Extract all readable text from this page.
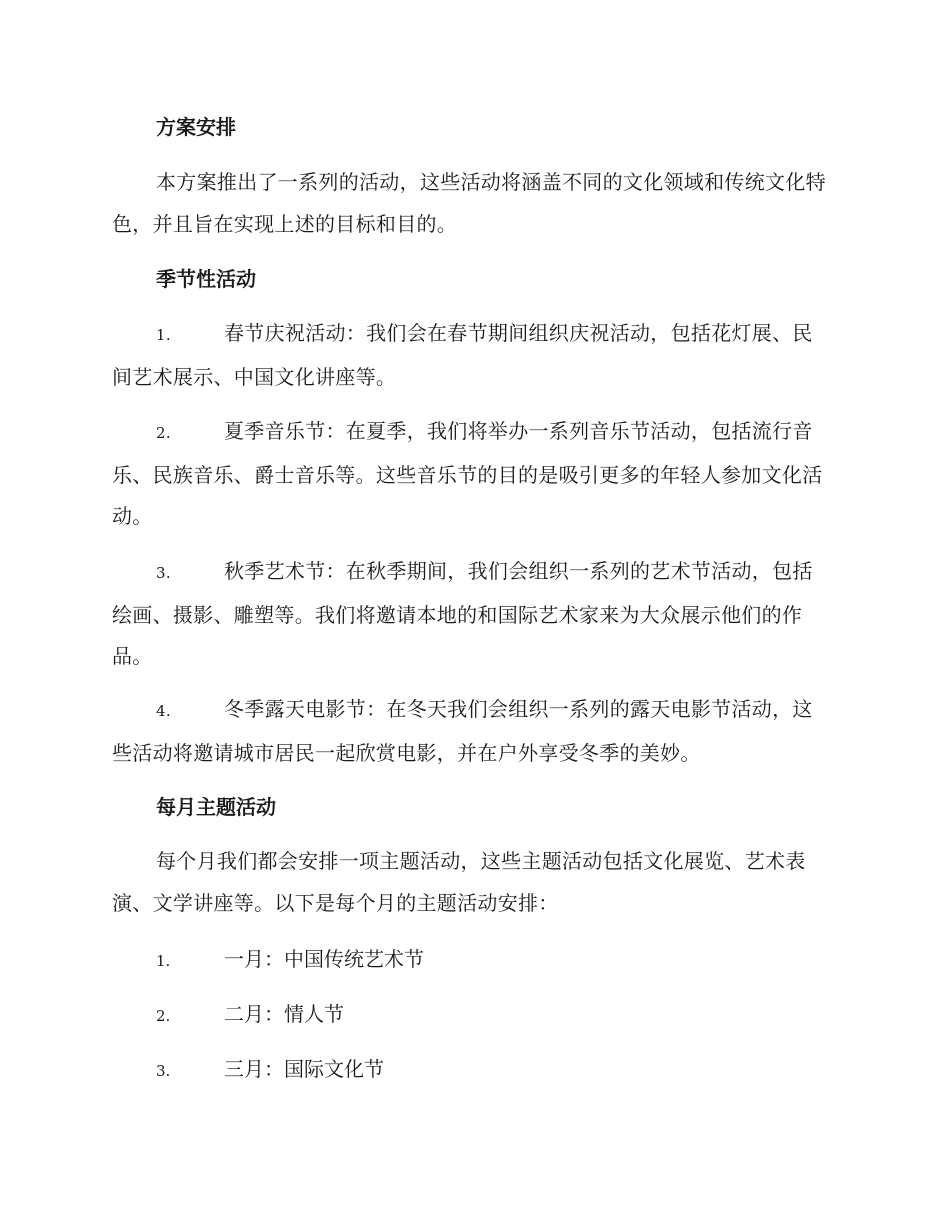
方案安排

本方案推出了一系列的活动，这些活动将涵盖不同的文化领域和传统文化特色，并且旨在实现上述的目标和目的。

季节性活动

1.	春节庆祝活动：我们会在春节期间组织庆祝活动，包括花灯展、民间艺术展示、中国文化讲座等。

2.	夏季音乐节：在夏季，我们将举办一系列音乐节活动，包括流行音乐、民族音乐、爵士音乐等。这些音乐节的目的是吸引更多的年轻人参加文化活动。

3.	秋季艺术节：在秋季期间，我们会组织一系列的艺术节活动，包括绘画、摄影、雕塑等。我们将邀请本地的和国际艺术家来为大众展示他们的作品。

4.	冬季露天电影节：在冬天我们会组织一系列的露天电影节活动，这些活动将邀请城市居民一起欣赏电影，并在户外享受冬季的美妙。

每月主题活动

每个月我们都会安排一项主题活动，这些主题活动包括文化展览、艺术表演、文学讲座等。以下是每个月的主题活动安排：

1.	一月：中国传统艺术节

2.	二月：情人节

3.	三月：国际文化节
